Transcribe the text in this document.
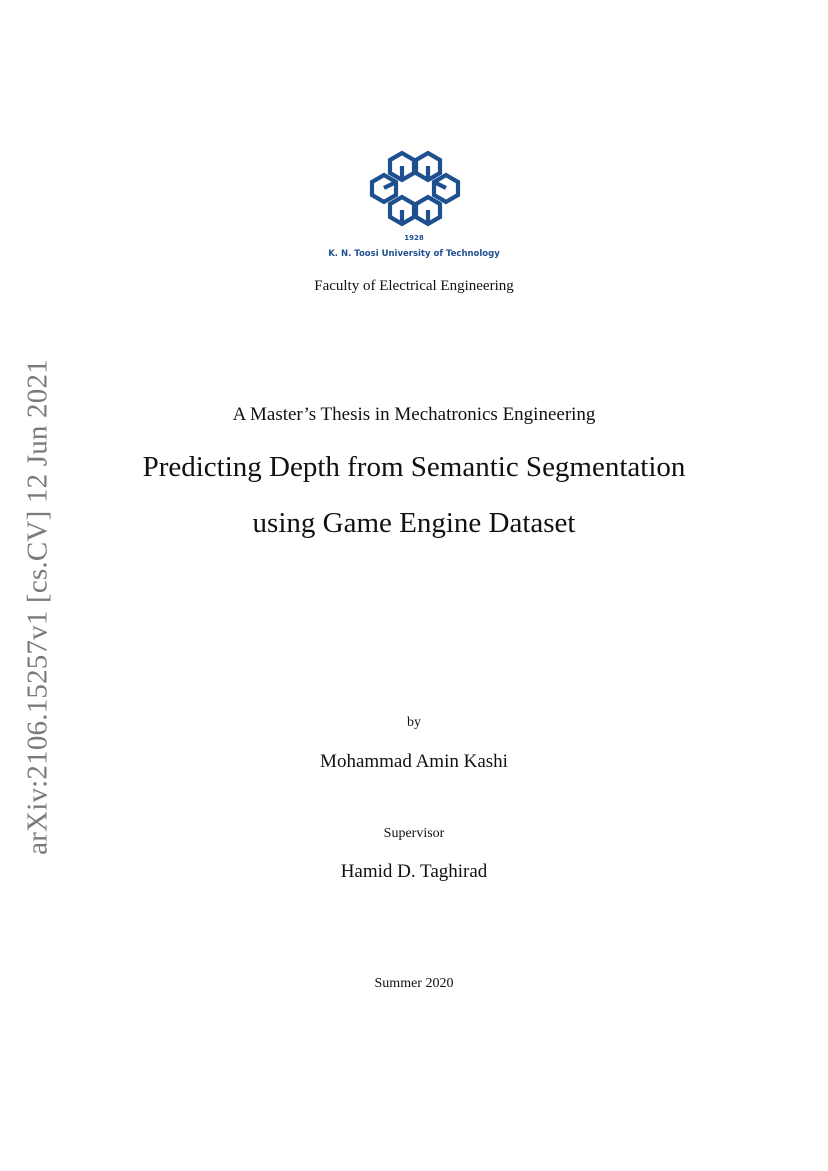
arXiv:2106.15257v1 [cs.CV] 12 Jun 2021
1928
K. N. Toosi University of Technology
Faculty of Electrical Engineering
A Master’s Thesis in Mechatronics Engineering
Predicting Depth from Semantic Segmentation
using Game Engine Dataset
by
Mohammad Amin Kashi
Supervisor
Hamid D. Taghirad
Summer 2020
